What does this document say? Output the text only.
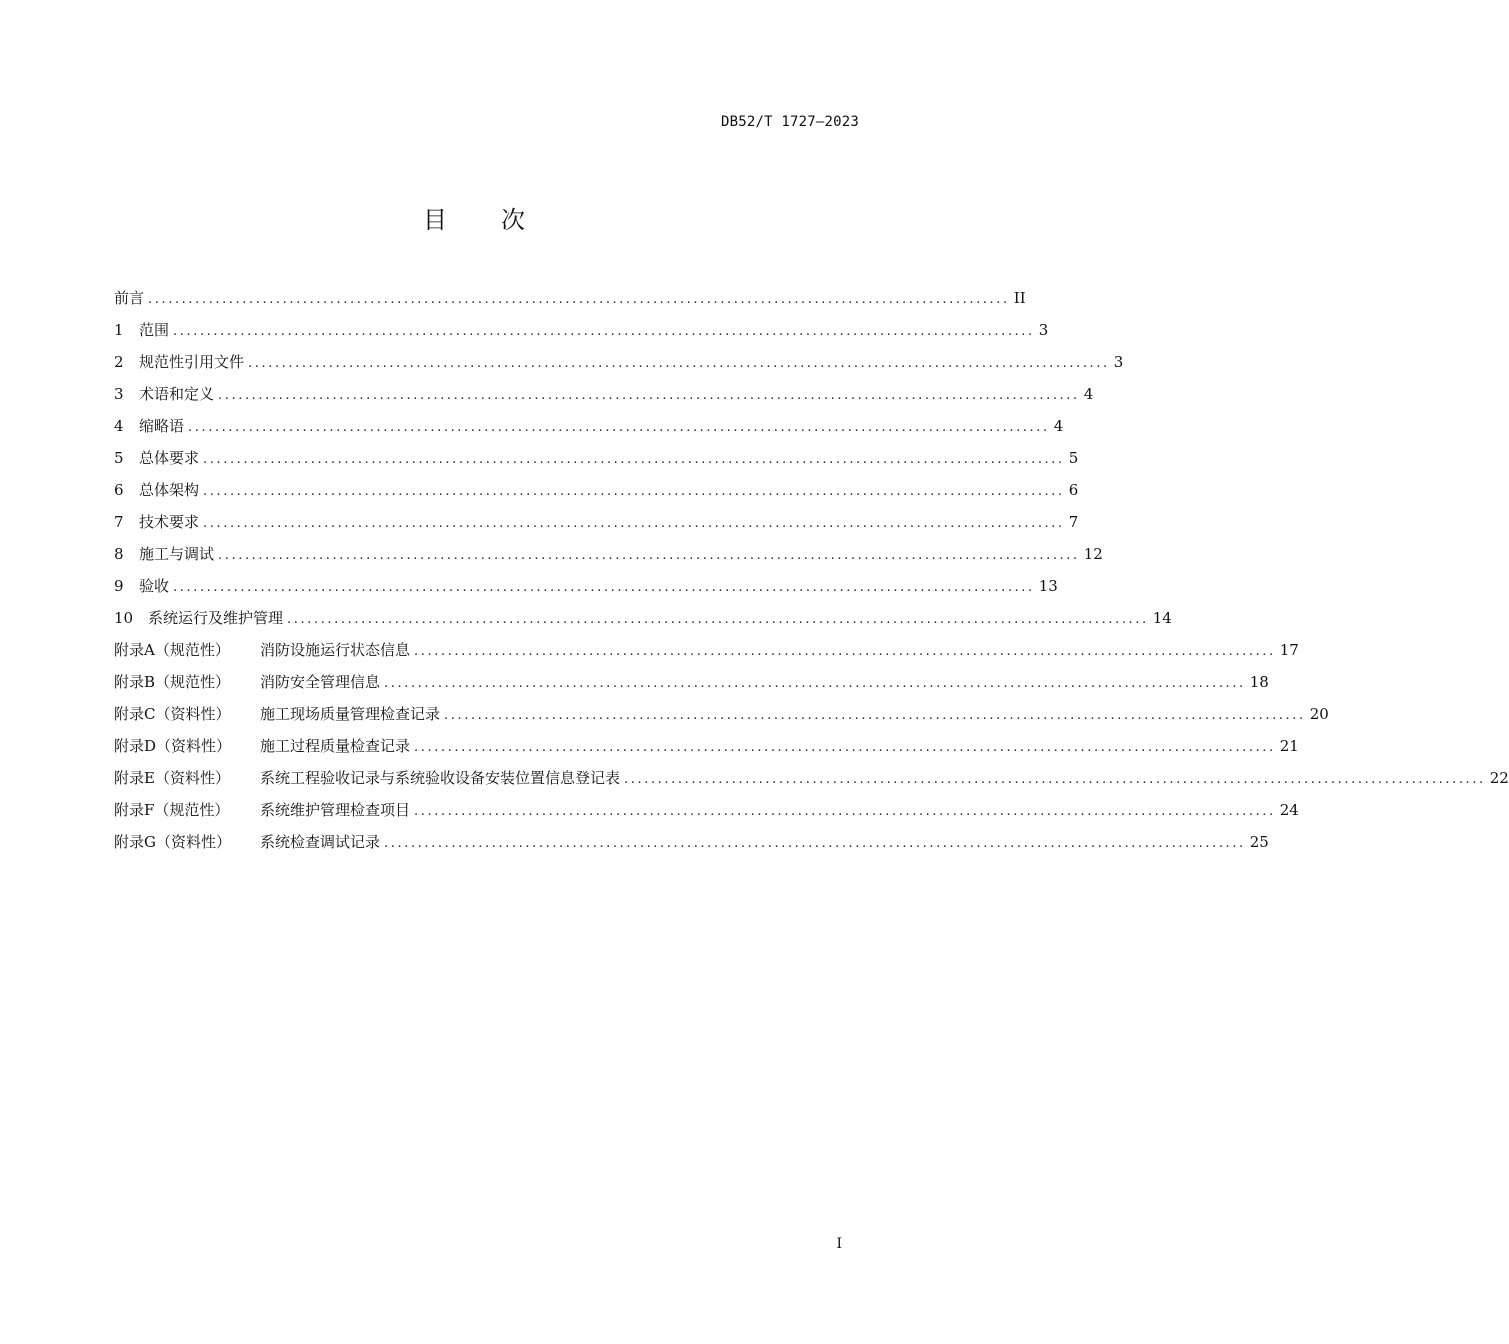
DB52/T 1727—2023
目 次
前言 ................................................................................................................................ II
1	范围 ................................................................................................................................ 3
2	规范性引用文件 ................................................................................................................................ 3
3	术语和定义 ................................................................................................................................ 4
4	缩略语 ................................................................................................................................ 4
5	总体要求 ................................................................................................................................ 5
6	总体架构 ................................................................................................................................ 6
7	技术要求 ................................................................................................................................ 7
8	施工与调试 ................................................................................................................................ 12
9	验收 ................................................................................................................................ 13
10 系统运行及维护管理 ................................................................................................................................ 14
附录A（规范性）	消防设施运行状态信息 ................................................................................................................................ 17
附录B（规范性）	消防安全管理信息 ................................................................................................................................ 18
附录C（资料性）	施工现场质量管理检查记录 ................................................................................................................................ 20
附录D（资料性）	施工过程质量检查记录 ................................................................................................................................ 21
附录E（资料性）	系统工程验收记录与系统验收设备安装位置信息登记表 ................................................................................................................................ 22
附录F（规范性）	系统维护管理检查项目 ................................................................................................................................ 24
附录G（资料性）	系统检查调试记录 ................................................................................................................................ 25
I
